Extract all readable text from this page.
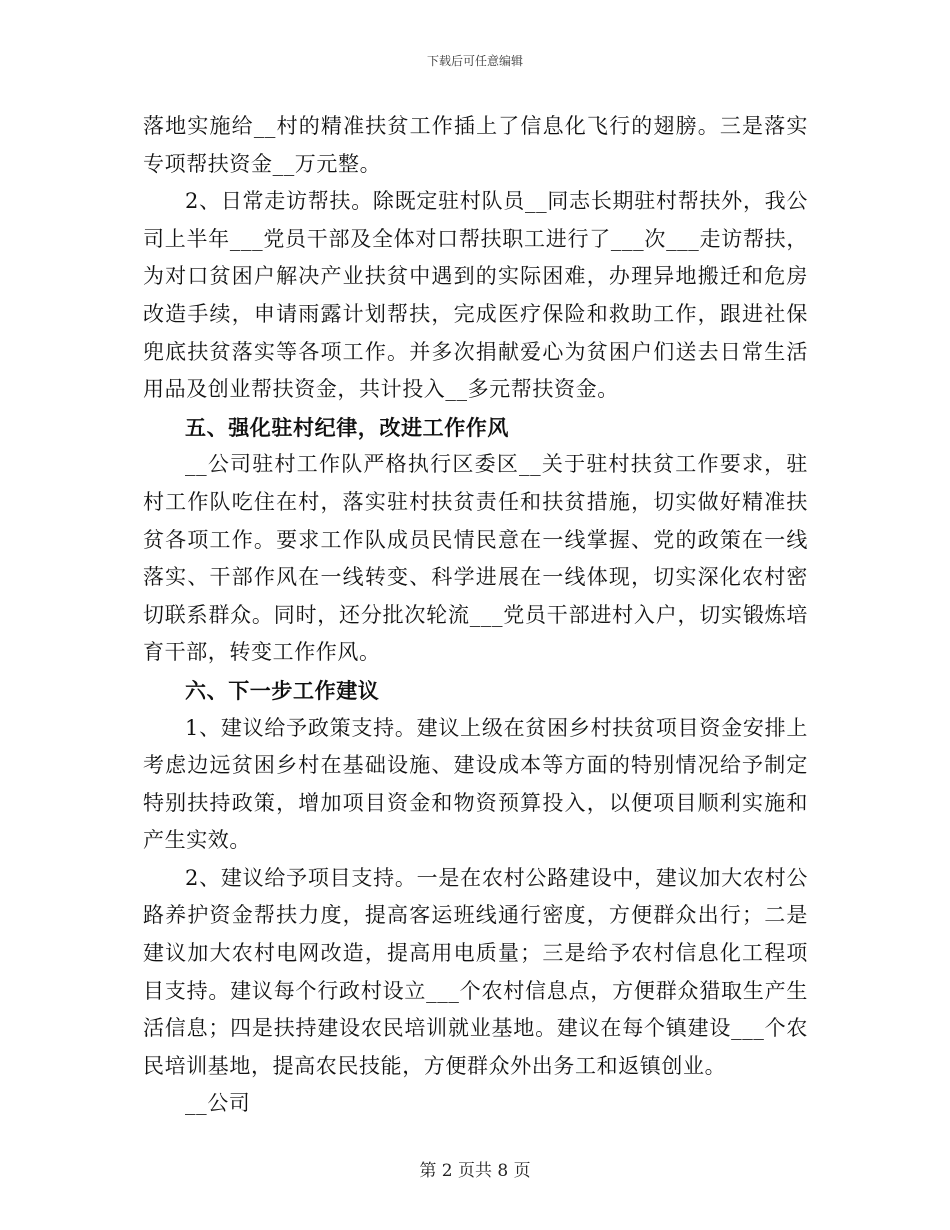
下载后可任意编辑

落地实施给__村的精准扶贫工作插上了信息化飞行的翅膀。三是落实专项帮扶资金__万元整。

2、日常走访帮扶。除既定驻村队员__同志长期驻村帮扶外，我公司上半年___党员干部及全体对口帮扶职工进行了___次___走访帮扶，为对口贫困户解决产业扶贫中遇到的实际困难，办理异地搬迁和危房改造手续，申请雨露计划帮扶，完成医疗保险和救助工作，跟进社保兜底扶贫落实等各项工作。并多次捐献爱心为贫困户们送去日常生活用品及创业帮扶资金，共计投入__多元帮扶资金。

五、强化驻村纪律，改进工作作风

__公司驻村工作队严格执行区委区__关于驻村扶贫工作要求，驻村工作队吃住在村，落实驻村扶贫责任和扶贫措施，切实做好精准扶贫各项工作。要求工作队成员民情民意在一线掌握、党的政策在一线落实、干部作风在一线转变、科学进展在一线体现，切实深化农村密切联系群众。同时，还分批次轮流___党员干部进村入户，切实锻炼培育干部，转变工作作风。

六、下一步工作建议

1、建议给予政策支持。建议上级在贫困乡村扶贫项目资金安排上考虑边远贫困乡村在基础设施、建设成本等方面的特别情况给予制定特别扶持政策，增加项目资金和物资预算投入，以便项目顺利实施和产生实效。

2、建议给予项目支持。一是在农村公路建设中，建议加大农村公路养护资金帮扶力度，提高客运班线通行密度，方便群众出行；二是建议加大农村电网改造，提高用电质量；三是给予农村信息化工程项目支持。建议每个行政村设立___个农村信息点，方便群众猎取生产生活信息；四是扶持建设农民培训就业基地。建议在每个镇建设___个农民培训基地，提高农民技能，方便群众外出务工和返镇创业。

__公司

第 2 页共 8 页
